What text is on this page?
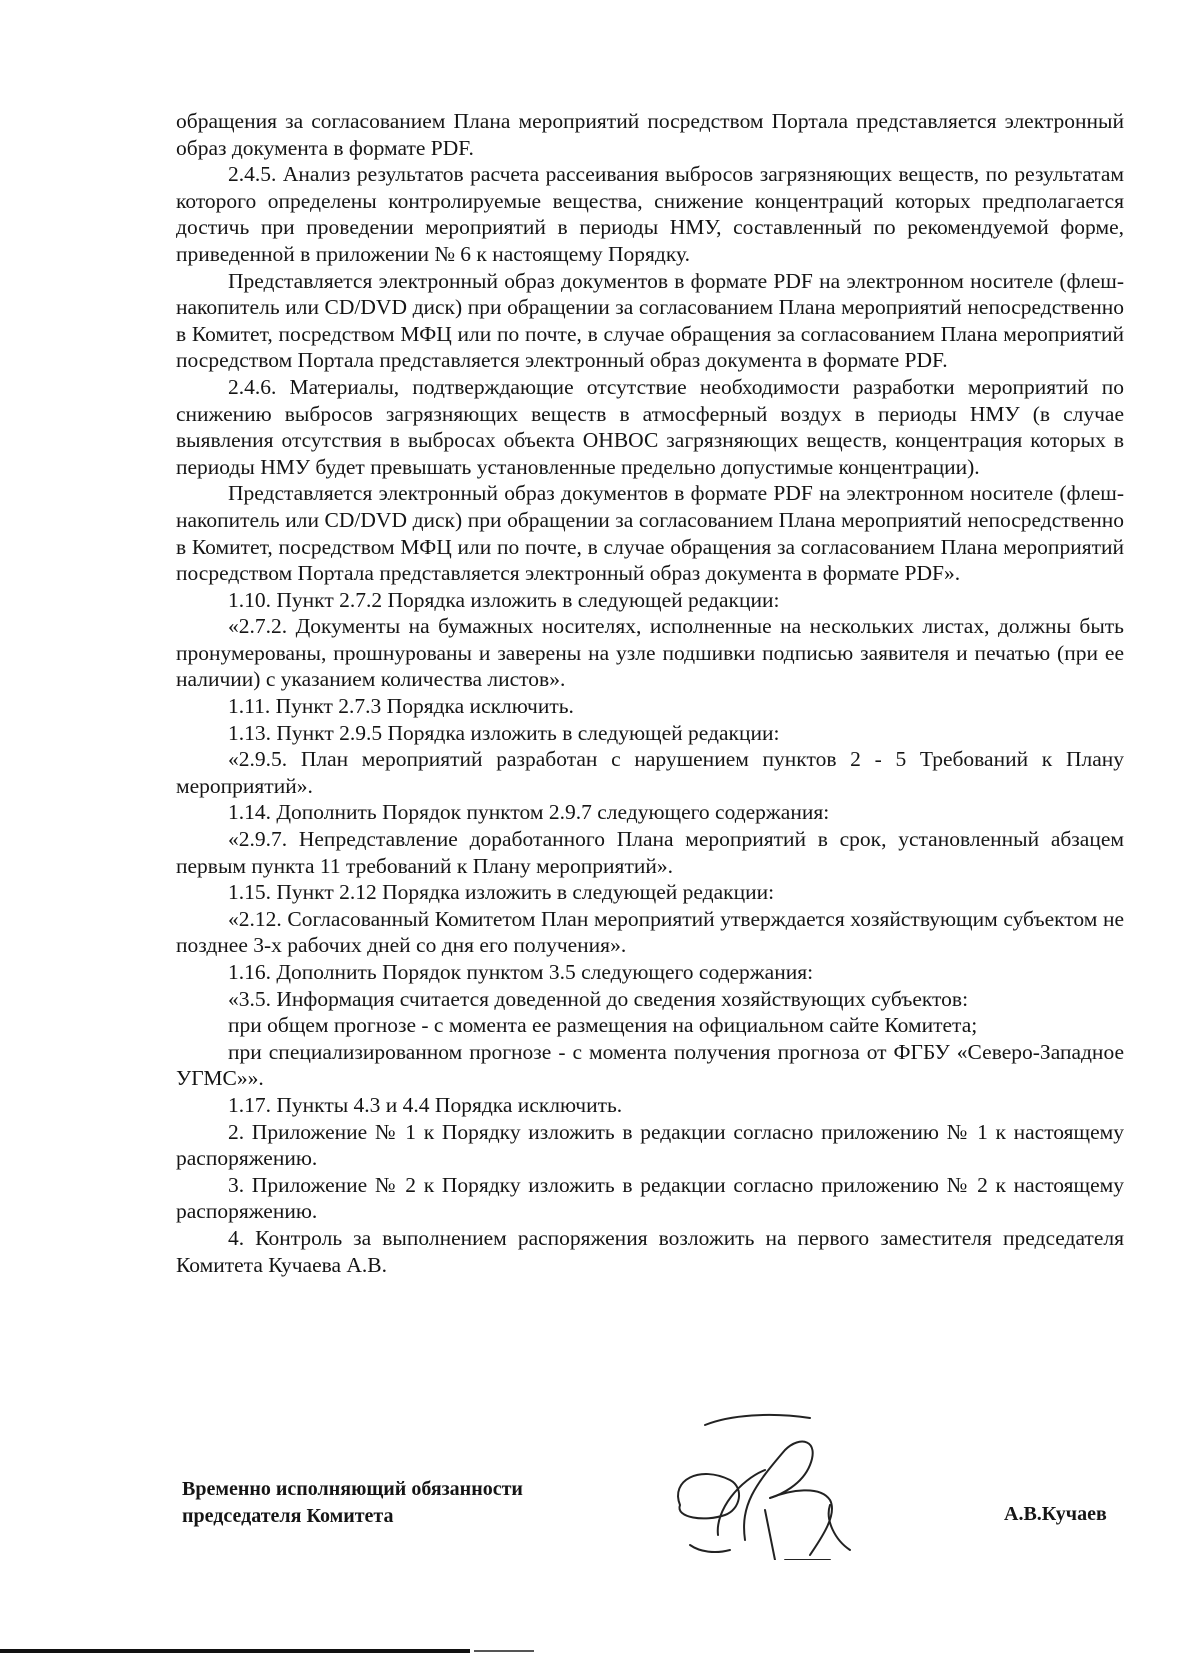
обращения за согласованием Плана мероприятий посредством Портала представляется электронный образ документа в формате PDF.

2.4.5. Анализ результатов расчета рассеивания выбросов загрязняющих веществ, по результатам которого определены контролируемые вещества, снижение концентраций которых предполагается достичь при проведении мероприятий в периоды НМУ, составленный по рекомендуемой форме, приведенной в приложении № 6 к настоящему Порядку.

Представляется электронный образ документов в формате PDF на электронном носителе (флеш-накопитель или CD/DVD диск) при обращении за согласованием Плана мероприятий непосредственно в Комитет, посредством МФЦ или по почте, в случае обращения за согласованием Плана мероприятий посредством Портала представляется электронный образ документа в формате PDF.

2.4.6. Материалы, подтверждающие отсутствие необходимости разработки мероприятий по снижению выбросов загрязняющих веществ в атмосферный воздух в периоды НМУ (в случае выявления отсутствия в выбросах объекта ОНВОС загрязняющих веществ, концентрация которых в периоды НМУ будет превышать установленные предельно допустимые концентрации).

Представляется электронный образ документов в формате PDF на электронном носителе (флеш-накопитель или CD/DVD диск) при обращении за согласованием Плана мероприятий непосредственно в Комитет, посредством МФЦ или по почте, в случае обращения за согласованием Плана мероприятий посредством Портала представляется электронный образ документа в формате PDF».

1.10. Пункт 2.7.2 Порядка изложить в следующей редакции:

«2.7.2. Документы на бумажных носителях, исполненные на нескольких листах, должны быть пронумерованы, прошнурованы и заверены на узле подшивки подписью заявителя и печатью (при ее наличии) с указанием количества листов».

1.11. Пункт 2.7.3 Порядка исключить.

1.13. Пункт 2.9.5 Порядка изложить в следующей редакции:

«2.9.5. План мероприятий разработан с нарушением пунктов 2 - 5 Требований к Плану мероприятий».

1.14. Дополнить Порядок пунктом 2.9.7 следующего содержания:

«2.9.7. Непредставление доработанного Плана мероприятий в срок, установленный абзацем первым пункта 11 требований к Плану мероприятий».

1.15. Пункт 2.12 Порядка изложить в следующей редакции:

«2.12. Согласованный Комитетом План мероприятий утверждается хозяйствующим субъектом не позднее 3-х рабочих дней со дня его получения».

1.16. Дополнить Порядок пунктом 3.5 следующего содержания:

«3.5. Информация считается доведенной до сведения хозяйствующих субъектов:

при общем прогнозе - с момента ее размещения на официальном сайте Комитета;

при специализированном прогнозе - с момента получения прогноза от ФГБУ «Северо-Западное УГМС»».

1.17. Пункты 4.3 и 4.4 Порядка исключить.

2. Приложение № 1 к Порядку изложить в редакции согласно приложению № 1 к настоящему распоряжению.

3. Приложение № 2 к Порядку изложить в редакции согласно приложению № 2 к настоящему распоряжению.

4. Контроль за выполнением распоряжения возложить на первого заместителя председателя Комитета Кучаева А.В.

Временно исполняющий обязанности
председателя Комитета	А.В.Кучаев
